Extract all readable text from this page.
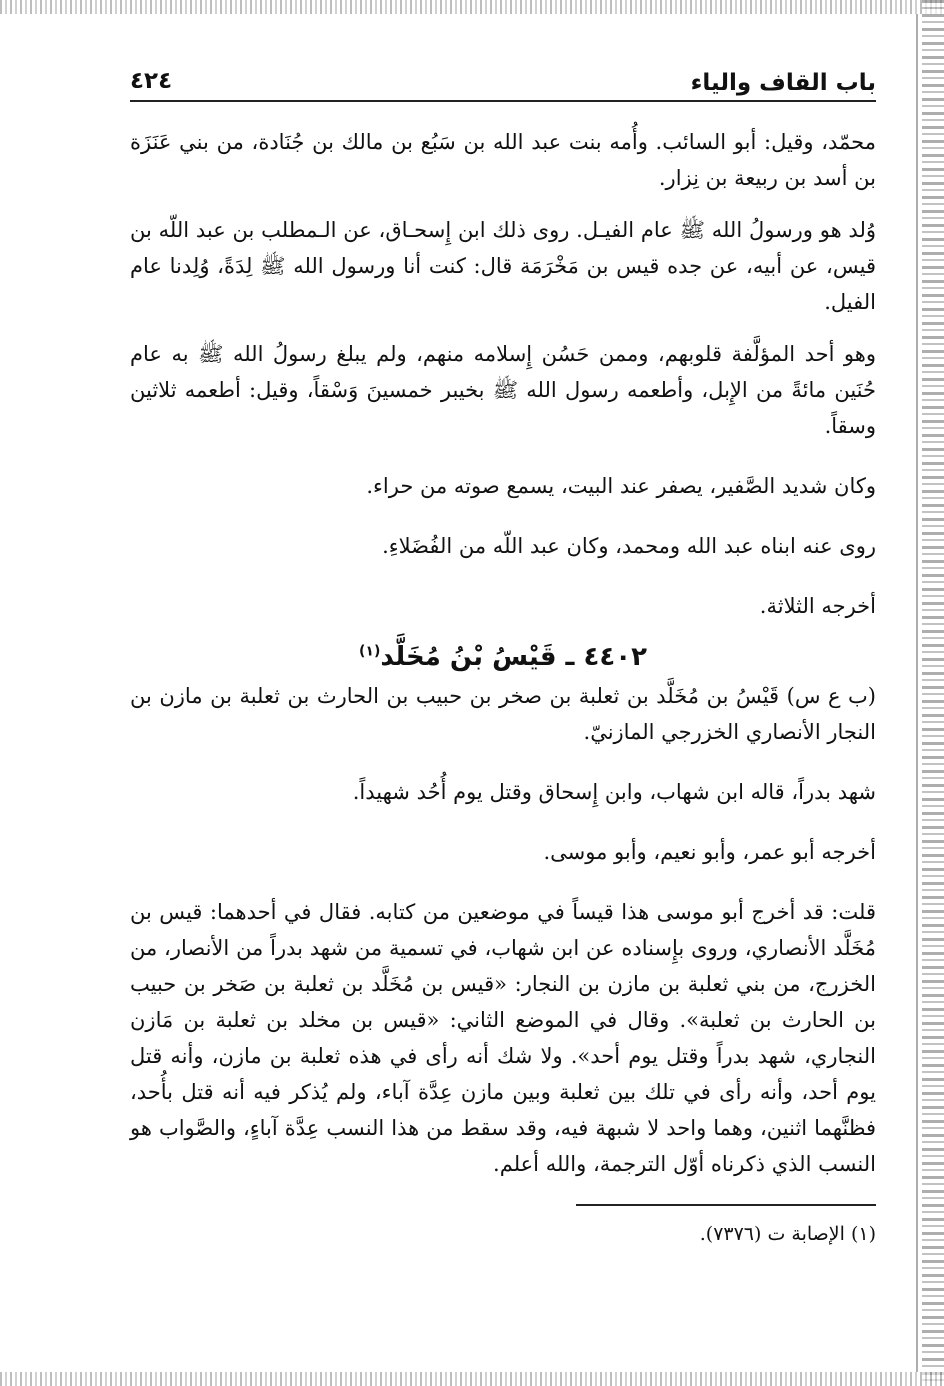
باب القاف والياء
٤٢٤

محمّد، وقيل: أبو السائب. وأُمه بنت عبد الله بن سَبُع بن مالك بن جُنَادة، من بني عَنَزَة بن أسد بن ربيعة بن نِزار.

وُلد هو ورسولُ الله ﷺ عام الفيـل. روى ذلك ابن إِسحـاق، عن الـمطلب بن عبد اللّه بن قيس، عن أبيه، عن جده قيس بن مَخْرَمَة قال: كنت أنا ورسول الله ﷺ لِدَةً، وُلِدنا عام الفيل.

وهو أحد المؤلَّفة قلوبهم، وممن حَسُن إِسلامه منهم، ولم يبلغ رسولُ الله ﷺ به عام حُنَين مائةً من الإِبل، وأطعمه رسول الله ﷺ بخيبر خمسينَ وَسْقاً، وقيل: أطعمه ثلاثين وسقاً.

وكان شديد الصَّفير، يصفر عند البيت، يسمع صوته من حراء.

روى عنه ابناه عبد الله ومحمد، وكان عبد اللّه من الفُضَلاءِ.

أخرجه الثلاثة.

٤٤٠٢ ـ قَيْسُ بْنُ مُخَلَّد$^{(١)}$

(ب ع س) قَيْسُ بن مُخَلَّد بن ثعلبة بن صخر بن حبيب بن الحارث بن ثعلبة بن مازن بن النجار الأنصاري الخزرجي المازنيّ.

شهد بدراً، قاله ابن شهاب، وابن إِسحاق وقتل يوم أُحُد شهيداً.

أخرجه أبو عمر، وأبو نعيم، وأبو موسى.

قلت: قد أخرج أبو موسى هذا قيساً في موضعين من كتابه. فقال في أحدهما: قيس بن مُخَلَّد الأنصاري، وروى بإِسناده عن ابن شهاب، في تسمية من شهد بدراً من الأنصار، من الخزرج، من بني ثعلبة بن مازن بن النجار: «قيس بن مُخَلَّد بن ثعلبة بن صَخر بن حبيب بن الحارث بن ثعلبة». وقال في الموضع الثاني: «قيس بن مخلد بن ثعلبة بن مَازن النجاري، شهد بدراً وقتل يوم أحد». ولا شك أنه رأى في هذه ثعلبة بن مازن، وأنه قتل يوم أحد، وأنه رأى في تلك بين ثعلبة وبين مازن عِدَّة آباء، ولم يُذكر فيه أنه قتل بأُحد، فظنَّهما اثنين، وهما واحد لا شبهة فيه، وقد سقط من هذا النسب عِدَّة آباءٍ، والصَّواب هو النسب الذي ذكرناه أوّل الترجمة، والله أعلم.

(١) الإصابة ت (٧٣٧٦).
